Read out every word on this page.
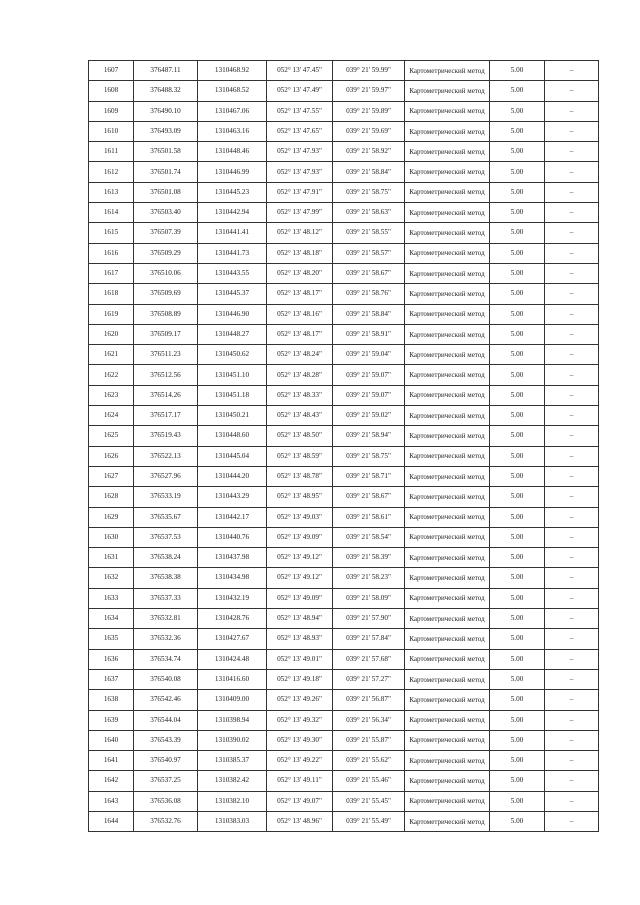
1607	376487.11	1310468.92	052° 13' 47.45"	039° 21' 59.99"	Картометрический метод	5.00	–
1608	376488.32	1310468.52	052° 13' 47.49"	039° 21' 59.97"	Картометрический метод	5.00	–
1609	376490.10	1310467.06	052° 13' 47.55"	039° 21' 59.89"	Картометрический метод	5.00	–
1610	376493.09	1310463.16	052° 13' 47.65"	039° 21' 59.69"	Картометрический метод	5.00	–
1611	376501.58	1310448.46	052° 13' 47.93"	039° 21' 58.92"	Картометрический метод	5.00	–
1612	376501.74	1310446.99	052° 13' 47.93"	039° 21' 58.84"	Картометрический метод	5.00	–
1613	376501.08	1310445.23	052° 13' 47.91"	039° 21' 58.75"	Картометрический метод	5.00	–
1614	376503.40	1310442.94	052° 13' 47.99"	039° 21' 58.63"	Картометрический метод	5.00	–
1615	376507.39	1310441.41	052° 13' 48.12"	039° 21' 58.55"	Картометрический метод	5.00	–
1616	376509.29	1310441.73	052° 13' 48.18"	039° 21' 58.57"	Картометрический метод	5.00	–
1617	376510.06	1310443.55	052° 13' 48.20"	039° 21' 58.67"	Картометрический метод	5.00	–
1618	376509.69	1310445.37	052° 13' 48.17"	039° 21' 58.76"	Картометрический метод	5.00	–
1619	376508.89	1310446.90	052° 13' 48.16"	039° 21' 58.84"	Картометрический метод	5.00	–
1620	376509.17	1310448.27	052° 13' 48.17"	039° 21' 58.91"	Картометрический метод	5.00	–
1621	376511.23	1310450.62	052° 13' 48.24"	039° 21' 59.04"	Картометрический метод	5.00	–
1622	376512.56	1310451.10	052° 13' 48.28"	039° 21' 59.07"	Картометрический метод	5.00	–
1623	376514.26	1310451.18	052° 13' 48.33"	039° 21' 59.07"	Картометрический метод	5.00	–
1624	376517.17	1310450.21	052° 13' 48.43"	039° 21' 59.02"	Картометрический метод	5.00	–
1625	376519.43	1310448.60	052° 13' 48.50"	039° 21' 58.94"	Картометрический метод	5.00	–
1626	376522.13	1310445.04	052° 13' 48.59"	039° 21' 58.75"	Картометрический метод	5.00	–
1627	376527.96	1310444.20	052° 13' 48.78"	039° 21' 58.71"	Картометрический метод	5.00	–
1628	376533.19	1310443.29	052° 13' 48.95"	039° 21' 58.67"	Картометрический метод	5.00	–
1629	376535.67	1310442.17	052° 13' 49.03"	039° 21' 58.61"	Картометрический метод	5.00	–
1630	376537.53	1310440.76	052° 13' 49.09"	039° 21' 58.54"	Картометрический метод	5.00	–
1631	376538.24	1310437.98	052° 13' 49.12"	039° 21' 58.39"	Картометрический метод	5.00	–
1632	376538.38	1310434.98	052° 13' 49.12"	039° 21' 58.23"	Картометрический метод	5.00	–
1633	376537.33	1310432.19	052° 13' 49.09"	039° 21' 58.09"	Картометрический метод	5.00	–
1634	376532.81	1310428.76	052° 13' 48.94"	039° 21' 57.90"	Картометрический метод	5.00	–
1635	376532.36	1310427.67	052° 13' 48.93"	039° 21' 57.84"	Картометрический метод	5.00	–
1636	376534.74	1310424.48	052° 13' 49.01"	039° 21' 57.68"	Картометрический метод	5.00	–
1637	376540.08	1310416.60	052° 13' 49.18"	039° 21' 57.27"	Картометрический метод	5.00	–
1638	376542.46	1310409.00	052° 13' 49.26"	039° 21' 56.87"	Картометрический метод	5.00	–
1639	376544.04	1310398.94	052° 13' 49.32"	039° 21' 56.34"	Картометрический метод	5.00	–
1640	376543.39	1310390.02	052° 13' 49.30"	039° 21' 55.87"	Картометрический метод	5.00	–
1641	376540.97	1310385.37	052° 13' 49.22"	039° 21' 55.62"	Картометрический метод	5.00	–
1642	376537.25	1310382.42	052° 13' 49.11"	039° 21' 55.46"	Картометрический метод	5.00	–
1643	376536.08	1310382.10	052° 13' 49.07"	039° 21' 55.45"	Картометрический метод	5.00	–
1644	376532.76	1310383.03	052° 13' 48.96"	039° 21' 55.49"	Картометрический метод	5.00	–
